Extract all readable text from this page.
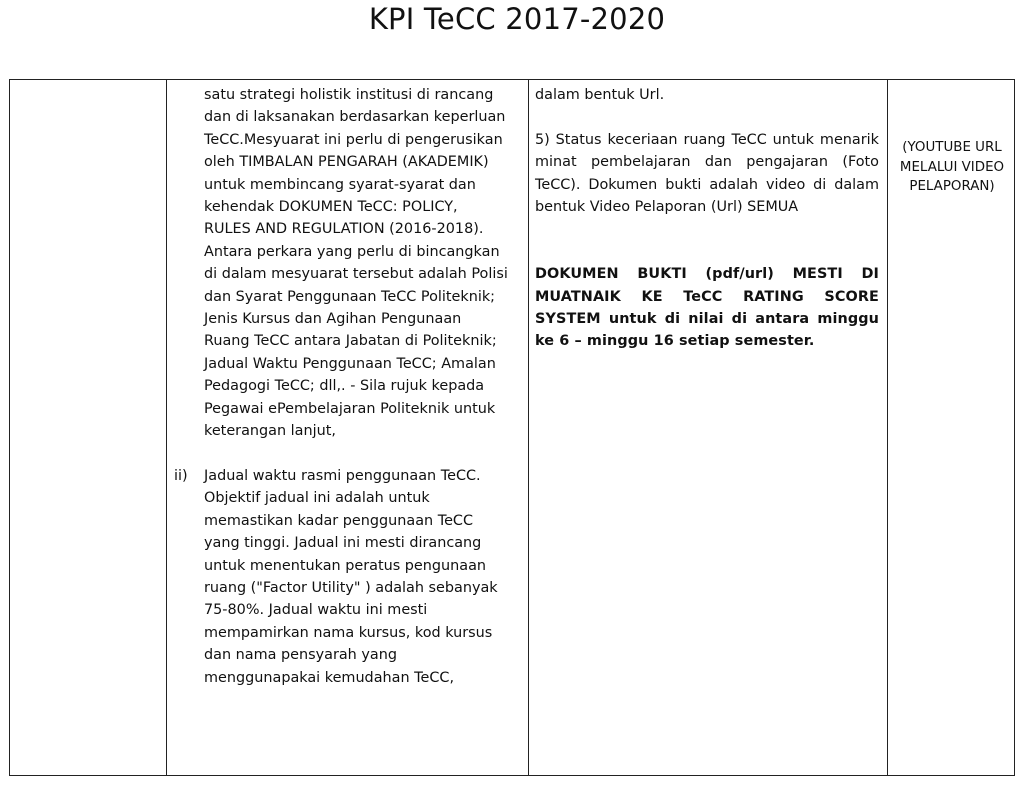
KPI TeCC 2017-2020
satu strategi holistik institusi di rancang
dan di laksanakan berdasarkan keperluan
TeCC.Mesyuarat ini perlu di pengerusikan
oleh TIMBALAN PENGARAH (AKADEMIK)
untuk membincang syarat-syarat dan
kehendak DOKUMEN TeCC: POLICY,
RULES AND REGULATION (2016-2018).
Antara perkara yang perlu di bincangkan
di dalam mesyuarat tersebut adalah Polisi
dan Syarat Penggunaan TeCC Politeknik;
Jenis Kursus dan Agihan Pengunaan
Ruang TeCC antara Jabatan di Politeknik;
Jadual Waktu Penggunaan TeCC; Amalan
Pedagogi TeCC; dll,. - Sila rujuk kepada
Pegawai ePembelajaran Politeknik untuk
keterangan lanjut,
ii)	Jadual waktu rasmi penggunaan TeCC.
Objektif jadual ini adalah untuk
memastikan kadar penggunaan TeCC
yang tinggi. Jadual ini mesti dirancang
untuk menentukan peratus pengunaan
ruang ("Factor Utility" ) adalah sebanyak
75-80%. Jadual waktu ini mesti
mempamirkan nama kursus, kod kursus
dan nama pensyarah yang
menggunapakai kemudahan TeCC,
dalam bentuk Url.
5) Status keceriaan ruang TeCC untuk menarik minat pembelajaran dan pengajaran (Foto TeCC). Dokumen bukti adalah video di dalam bentuk Video Pelaporan (Url) SEMUA
DOKUMEN BUKTI (pdf/url) MESTI DI MUATNAIK KE TeCC RATING SCORE SYSTEM untuk di nilai di antara minggu ke 6 – minggu 16 setiap semester.
(YOUTUBE URL
MELALUI VIDEO
PELAPORAN)
